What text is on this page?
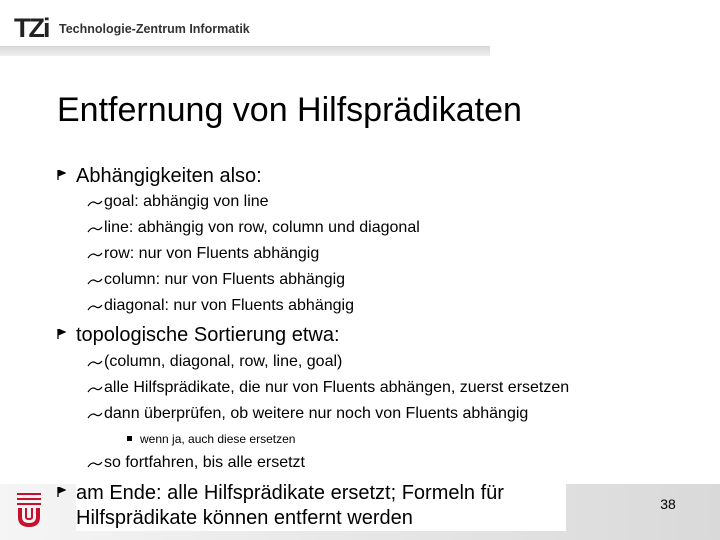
TZi Technologie-Zentrum Informatik
38
Entfernung von Hilfsprädikaten
Abhängigkeiten also:
goal: abhängig von line
line: abhängig von row, column und diagonal
row: nur von Fluents abhängig
column: nur von Fluents abhängig
diagonal: nur von Fluents abhängig
topologische Sortierung etwa:
(column, diagonal, row, line, goal)
alle Hilfsprädikate, die nur von Fluents abhängen, zuerst ersetzen
dann überprüfen, ob weitere nur noch von Fluents abhängig
wenn ja, auch diese ersetzen
so fortfahren, bis alle ersetzt
am Ende: alle Hilfsprädikate ersetzt; Formeln für Hilfsprädikate können entfernt werden
